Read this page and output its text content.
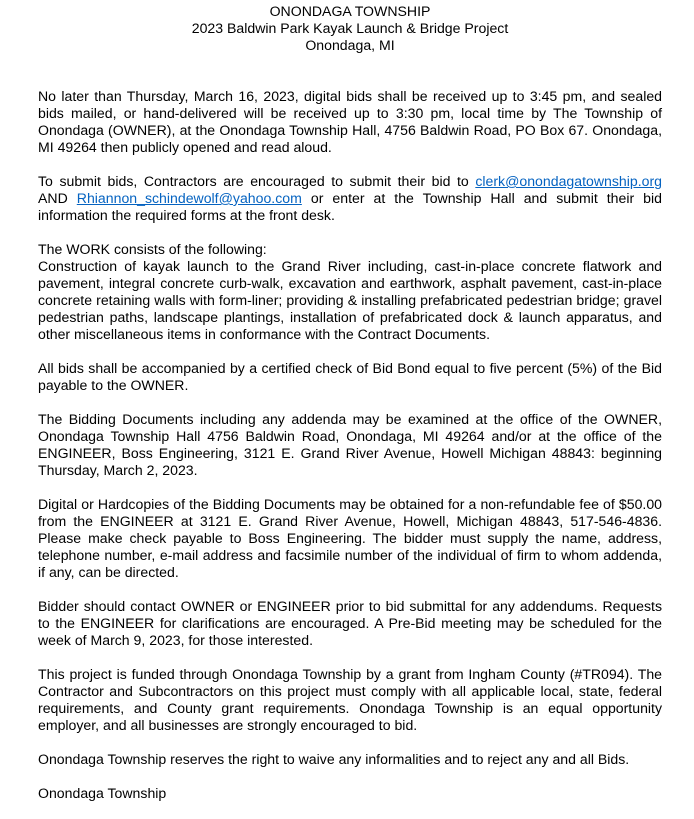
ONONDAGA TOWNSHIP
2023 Baldwin Park Kayak Launch & Bridge Project
Onondaga, MI

No later than Thursday, March 16, 2023, digital bids shall be received up to 3:45 pm, and sealed bids mailed, or hand-delivered will be received up to 3:30 pm, local time by The Township of Onondaga (OWNER), at the Onondaga Township Hall, 4756 Baldwin Road, PO Box 67. Onondaga, MI 49264 then publicly opened and read aloud.

To submit bids, Contractors are encouraged to submit their bid to clerk@onondagatownship.org AND Rhiannon_schindewolf@yahoo.com or enter at the Township Hall and submit their bid information the required forms at the front desk.

The WORK consists of the following:

Construction of kayak launch to the Grand River including, cast-in-place concrete flatwork and pavement, integral concrete curb-walk, excavation and earthwork, asphalt pavement, cast-in-place concrete retaining walls with form-liner; providing & installing prefabricated pedestrian bridge; gravel pedestrian paths, landscape plantings, installation of prefabricated dock & launch apparatus, and other miscellaneous items in conformance with the Contract Documents.

All bids shall be accompanied by a certified check of Bid Bond equal to five percent (5%) of the Bid payable to the OWNER.

The Bidding Documents including any addenda may be examined at the office of the OWNER, Onondaga Township Hall 4756 Baldwin Road, Onondaga, MI 49264 and/or at the office of the ENGINEER, Boss Engineering, 3121 E. Grand River Avenue, Howell Michigan 48843: beginning Thursday, March 2, 2023.

Digital or Hardcopies of the Bidding Documents may be obtained for a non-refundable fee of $50.00 from the ENGINEER at 3121 E. Grand River Avenue, Howell, Michigan 48843, 517-546-4836. Please make check payable to Boss Engineering. The bidder must supply the name, address, telephone number, e-mail address and facsimile number of the individual of firm to whom addenda, if any, can be directed.

Bidder should contact OWNER or ENGINEER prior to bid submittal for any addendums. Requests to the ENGINEER for clarifications are encouraged. A Pre-Bid meeting may be scheduled for the week of March 9, 2023, for those interested.

This project is funded through Onondaga Township by a grant from Ingham County (#TR094). The Contractor and Subcontractors on this project must comply with all applicable local, state, federal requirements, and County grant requirements. Onondaga Township is an equal opportunity employer, and all businesses are strongly encouraged to bid.

Onondaga Township reserves the right to waive any informalities and to reject any and all Bids.

Onondaga Township
